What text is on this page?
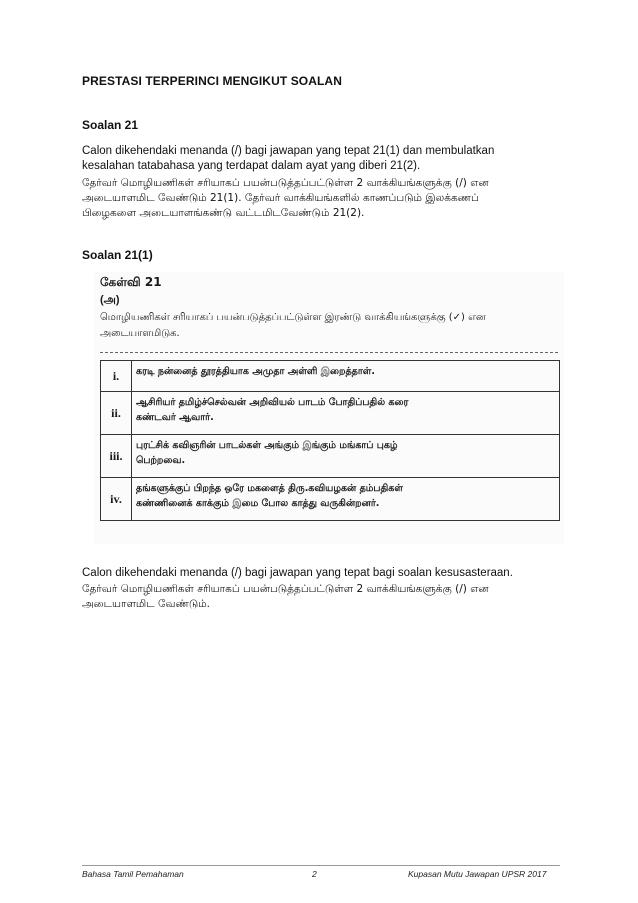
PRESTASI TERPERINCI MENGIKUT SOALAN
Soalan 21
Calon dikehendaki menanda (/) bagi jawapan yang tepat 21(1) dan membulatkan
kesalahan tatabahasa yang terdapat dalam ayat yang diberi 21(2).
தேர்வர் மொழியணிகள் சரியாகப் பயன்படுத்தப்பட்டுள்ள 2 வாக்கியங்களுக்கு (/) என
அடையாளமிட வேண்டும் 21(1). தேர்வர் வாக்கியங்களில் காணப்படும் இலக்கணப்
பிழைகளை அடையாளங்கண்டு வட்டமிடவேண்டும் 21(2).
Soalan 21(1)
கேள்வி 21
(அ)
மொழியணிகள் சரியாகப் பயன்படுத்தப்பட்டுள்ள இரண்டு வாக்கியங்களுக்கு (✓) என
அடையாளமிடுக.
i.	கரடி நன்னைத் தூரத்தியாக அமுதா அள்ளி இறைத்தாள்.

ii.	ஆசிரியர் தமிழ்ச்செல்வன் அறிவியல் பாடம் போதிப்பதில் கரை
கண்டவர் ஆவார்.

iii.	புரட்சிக் கவிஞரின் பாடல்கள் அங்கும் இங்கும் மங்காப் புகழ்
பெற்றவை.

iv.	தங்களுக்குப் பிறந்த ஒரே மகளைத் திரு.கவியழகன் தம்பதிகள்
கண்ணினைக் காக்கும் இமை போல காத்து வருகின்றனர்.
Calon dikehendaki menanda (/) bagi jawapan yang tepat bagi soalan kesusasteraan.
தேர்வர் மொழியணிகள் சரியாகப் பயன்படுத்தப்பட்டுள்ள 2 வாக்கியங்களுக்கு (/) என
அடையாளமிட வேண்டும்.
Bahasa Tamil Pemahaman	2	Kupasan Mutu Jawapan UPSR 2017
